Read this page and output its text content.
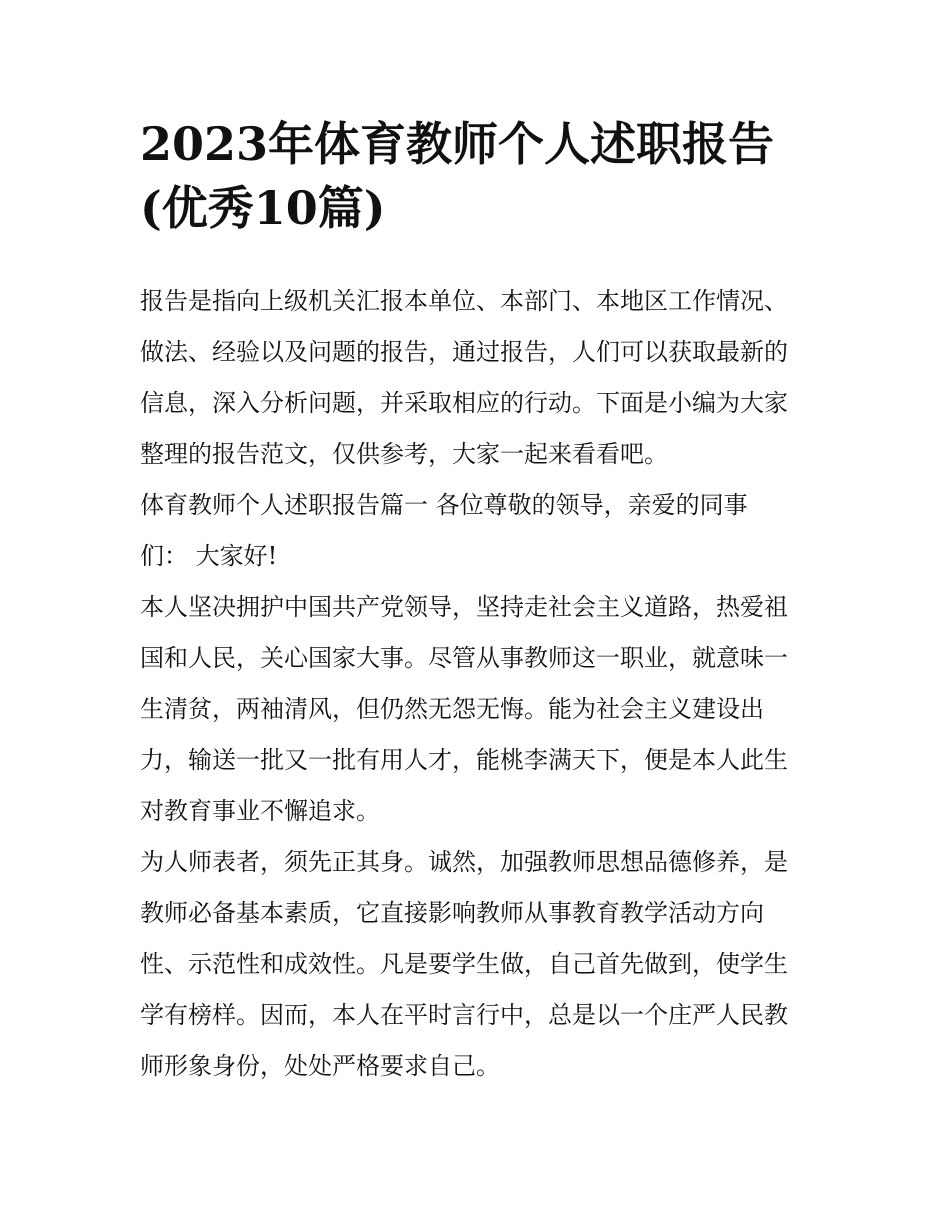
2023年体育教师个人述职报告
(优秀10篇)

报告是指向上级机关汇报本单位、本部门、本地区工作情况、
做法、经验以及问题的报告，通过报告，人们可以获取最新的
信息，深入分析问题，并采取相应的行动。下面是小编为大家
整理的报告范文，仅供参考，大家一起来看看吧。

体育教师个人述职报告篇一 各位尊敬的领导，亲爱的同事
们： 大家好!

本人坚决拥护中国共产党领导，坚持走社会主义道路，热爱祖
国和人民，关心国家大事。尽管从事教师这一职业，就意味一
生清贫，两袖清风，但仍然无怨无悔。能为社会主义建设出
力，输送一批又一批有用人才，能桃李满天下，便是本人此生
对教育事业不懈追求。

为人师表者，须先正其身。诚然，加强教师思想品德修养，是
教师必备基本素质，它直接影响教师从事教育教学活动方向
性、示范性和成效性。凡是要学生做，自己首先做到，使学生
学有榜样。因而，本人在平时言行中，总是以一个庄严人民教
师形象身份，处处严格要求自己。
